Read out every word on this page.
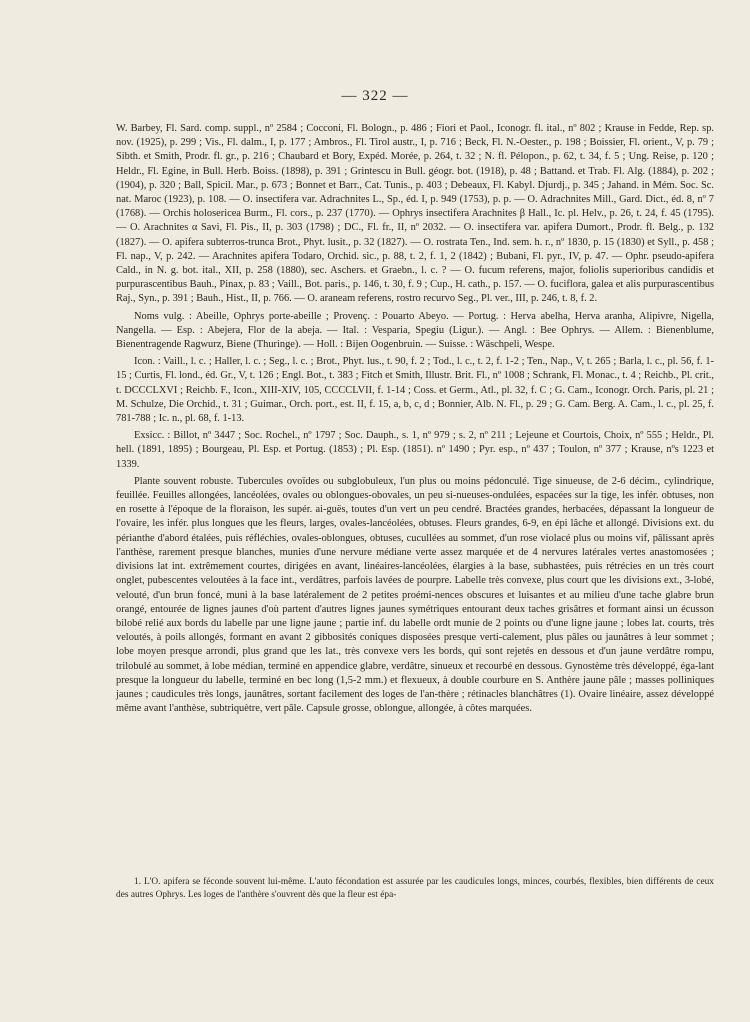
— 322 —

W. Barbey, Fl. Sard. comp. suppl., nº 2584 ; Cocconi, Fl. Bologn., p. 486 ; Fiori et Paol., Iconogr. fl. ital., nº 802 ; Krause in Fedde, Rep. sp. nov. (1925), p. 299 ; Vis., Fl. dalm., I, p. 177 ; Ambros., Fl. Tirol austr., I, p. 716 ; Beck, Fl. N.-Oester., p. 198 ; Boissier, Fl. orient., V, p. 79 ; Sibth. et Smith, Prodr. fl. gr., p. 216 ; Chaubard et Bory, Expéd. Morée, p. 264, t. 32 ; N. fl. Pélopon., p. 62, t. 34, f. 5 ; Ung. Reise, p. 120 ; Heldr., Fl. Egine, in Bull. Herb. Boiss. (1898), p. 391 ; Grintescu in Bull. géogr. bot. (1918), p. 48 ; Battand. et Trab. Fl. Alg. (1884), p. 202 ; (1904), p. 320 ; Ball, Spicil. Mar., p. 673 ; Bonnet et Barr., Cat. Tunis., p. 403 ; Debeaux, Fl. Kabyl. Djurdj., p. 345 ; Jahand. in Mém. Soc. Sc. nat. Maroc (1923), p. 108. — O. insectifera var. Adrachnites L., Sp., éd. I, p. 949 (1753), p. p. — O. Adrachnites Mill., Gard. Dict., éd. 8, nº 7 (1768). — Orchis holosericea Burm., Fl. cors., p. 237 (1770). — Ophrys insectifera Arachnites β Hall., Ic. pl. Helv., p. 26, t. 24, f. 45 (1795). — O. Arachnites α Savi, Fl. Pis., II, p. 303 (1798) ; DC., Fl. fr., II, nº 2032. — O. insectifera var. apifera Dumort., Prodr. fl. Belg., p. 132 (1827). — O. apifera subterros-trunca Brot., Phyt. lusit., p. 32 (1827). — O. rostrata Ten., Ind. sem. h. r., nº 1830, p. 15 (1830) et Syll., p. 458 ; Fl. nap., V, p. 242. — Arachnites apifera Todaro, Orchid. sic., p. 88, t. 2, f. 1, 2 (1842) ; Bubani, Fl. pyr., IV, p. 47. — Ophr. pseudo-apifera Cald., in N. g. bot. ital., XII, p. 258 (1880), sec. Aschers. et Graebn., l. c. ? — O. fucum referens, major, foliolis superioribus candidis et purpurascentibus Bauh., Pinax, p. 83 ; Vaill., Bot. paris., p. 146, t. 30, f. 9 ; Cup., H. cath., p. 157. — O. fuciflora, galea et alis purpurascentibus Raj., Syn., p. 391 ; Bauh., Hist., II, p. 766. — O. araneam referens, rostro recurvo Seg., Pl. ver., III, p. 246, t. 8, f. 2.

Noms vulg. : Abeille, Ophrys porte-abeille ; Provenç. : Pouarto Abeyo. — Portug. : Herva abelha, Herva aranha, Alipivre, Nigella, Nangella. — Esp. : Abejera, Flor de la abeja. — Ital. : Vesparia, Spegiu (Ligur.). — Angl. : Bee Ophrys. — Allem. : Bienenblume, Bienentragende Ragwurz, Biene (Thuringe). — Holl. : Bijen Oogenbruin. — Suisse. : Wäschpeli, Wespe.

Icon. : Vaill., l. c. ; Haller, l. c. ; Seg., l. c. ; Brot., Phyt. lus., t. 90, f. 2 ; Tod., l. c., t. 2, f. 1-2 ; Ten., Nap., V, t. 265 ; Barla, l. c., pl. 56, f. 1-15 ; Curtis, Fl. lond., éd. Gr., V, t. 126 ; Engl. Bot., t. 383 ; Fitch et Smith, Illustr. Brit. Fl., nº 1008 ; Schrank, Fl. Monac., t. 4 ; Reichb., Pl. crit., t. DCCCLXVI ; Reichb. F., Icon., XIII-XIV, 105, CCCCLVII, f. 1-14 ; Coss. et Germ., Atl., pl. 32, f. C ; G. Cam., Iconogr. Orch. Paris, pl. 21 ; M. Schulze, Die Orchid., t. 31 ; Guimar., Orch. port., est. II, f. 15, a, b, c, d ; Bonnier, Alb. N. Fl., p. 29 ; G. Cam. Berg. A. Cam., l. c., pl. 25, f. 781-788 ; Ic. n., pl. 68, f. 1-13.

Exsicc. : Billot, nº 3447 ; Soc. Rochel., nº 1797 ; Soc. Dauph., s. 1, nº 979 ; s. 2, nº 211 ; Lejeune et Courtois, Choix, nº 555 ; Heldr., Pl. hell. (1891, 1895) ; Bourgeau, Pl. Esp. et Portug. (1853) ; Pl. Esp. (1851). nº 1490 ; Pyr. esp., nº 437 ; Toulon, nº 377 ; Krause, nºs 1223 et 1339.

Plante souvent robuste. Tubercules ovoïdes ou subglobuleux, l'un plus ou moins pédonculé. Tige sinueuse, de 2-6 décim., cylindrique, feuillée. Feuilles allongées, lancéolées, ovales ou oblongues-obovales, un peu si-nueuses-ondulées, espacées sur la tige, les infér. obtuses, non en rosette à l'époque de la floraison, les supér. ai-guës, toutes d'un vert un peu cendré. Bractées grandes, herbacées, dépassant la longueur de l'ovaire, les infér. plus longues que les fleurs, larges, ovales-lancéolées, obtuses. Fleurs grandes, 6-9, en épi lâche et allongé. Divisions ext. du périanthe d'abord étalées, puis réfléchies, ovales-oblongues, obtuses, cucullées au sommet, d'un rose violacé plus ou moins vif, pâlissant après l'anthèse, rarement presque blanches, munies d'une nervure médiane verte assez marquée et de 4 nervures latérales vertes anastomosées ; divisions lat int. extrêmement courtes, dirigées en avant, linéaires-lancéolées, élargies à la base, subhastées, puis rétrécies en un très court onglet, pubescentes veloutées à la face int., verdâtres, parfois lavées de pourpre. Labelle très convexe, plus court que les divisions ext., 3-lobé, velouté, d'un brun foncé, muni à la base latéralement de 2 petites proémi-nences obscures et luisantes et au milieu d'une tache glabre brun orangé, entourée de lignes jaunes d'où partent d'autres lignes jaunes symétriques entourant deux taches grisâtres et formant ainsi un écusson bilobé relié aux bords du labelle par une ligne jaune ; partie inf. du labelle ordt munie de 2 points ou d'une ligne jaune ; lobes lat. courts, très veloutés, à poils allongés, formant en avant 2 gibbosités coniques disposées presque verti-calement, plus pâles ou jaunâtres à leur sommet ; lobe moyen presque arrondi, plus grand que les lat., très convexe vers les bords, qui sont rejetés en dessous et d'un jaune verdâtre rompu, trilobulé au sommet, à lobe médian, terminé en appendice glabre, verdâtre, sinueux et recourbé en dessous. Gynostème très développé, éga-lant presque la longueur du labelle, terminé en bec long (1,5-2 mm.) et flexueux, à double courbure en S. Anthère jaune pâle ; masses polliniques jaunes ; caudicules très longs, jaunâtres, sortant facilement des loges de l'an-thère ; rétinacles blanchâtres (1). Ovaire linéaire, assez développé même avant l'anthèse, subtriquètre, vert pâle. Capsule grosse, oblongue, allongée, à côtes marquées.

1. L'O. apifera se féconde souvent lui-même. L'auto fécondation est assurée par les caudicules longs, minces, courbés, flexibles, bien différents de ceux des autres Ophrys. Les loges de l'anthère s'ouvrent dès que la fleur est épa-
